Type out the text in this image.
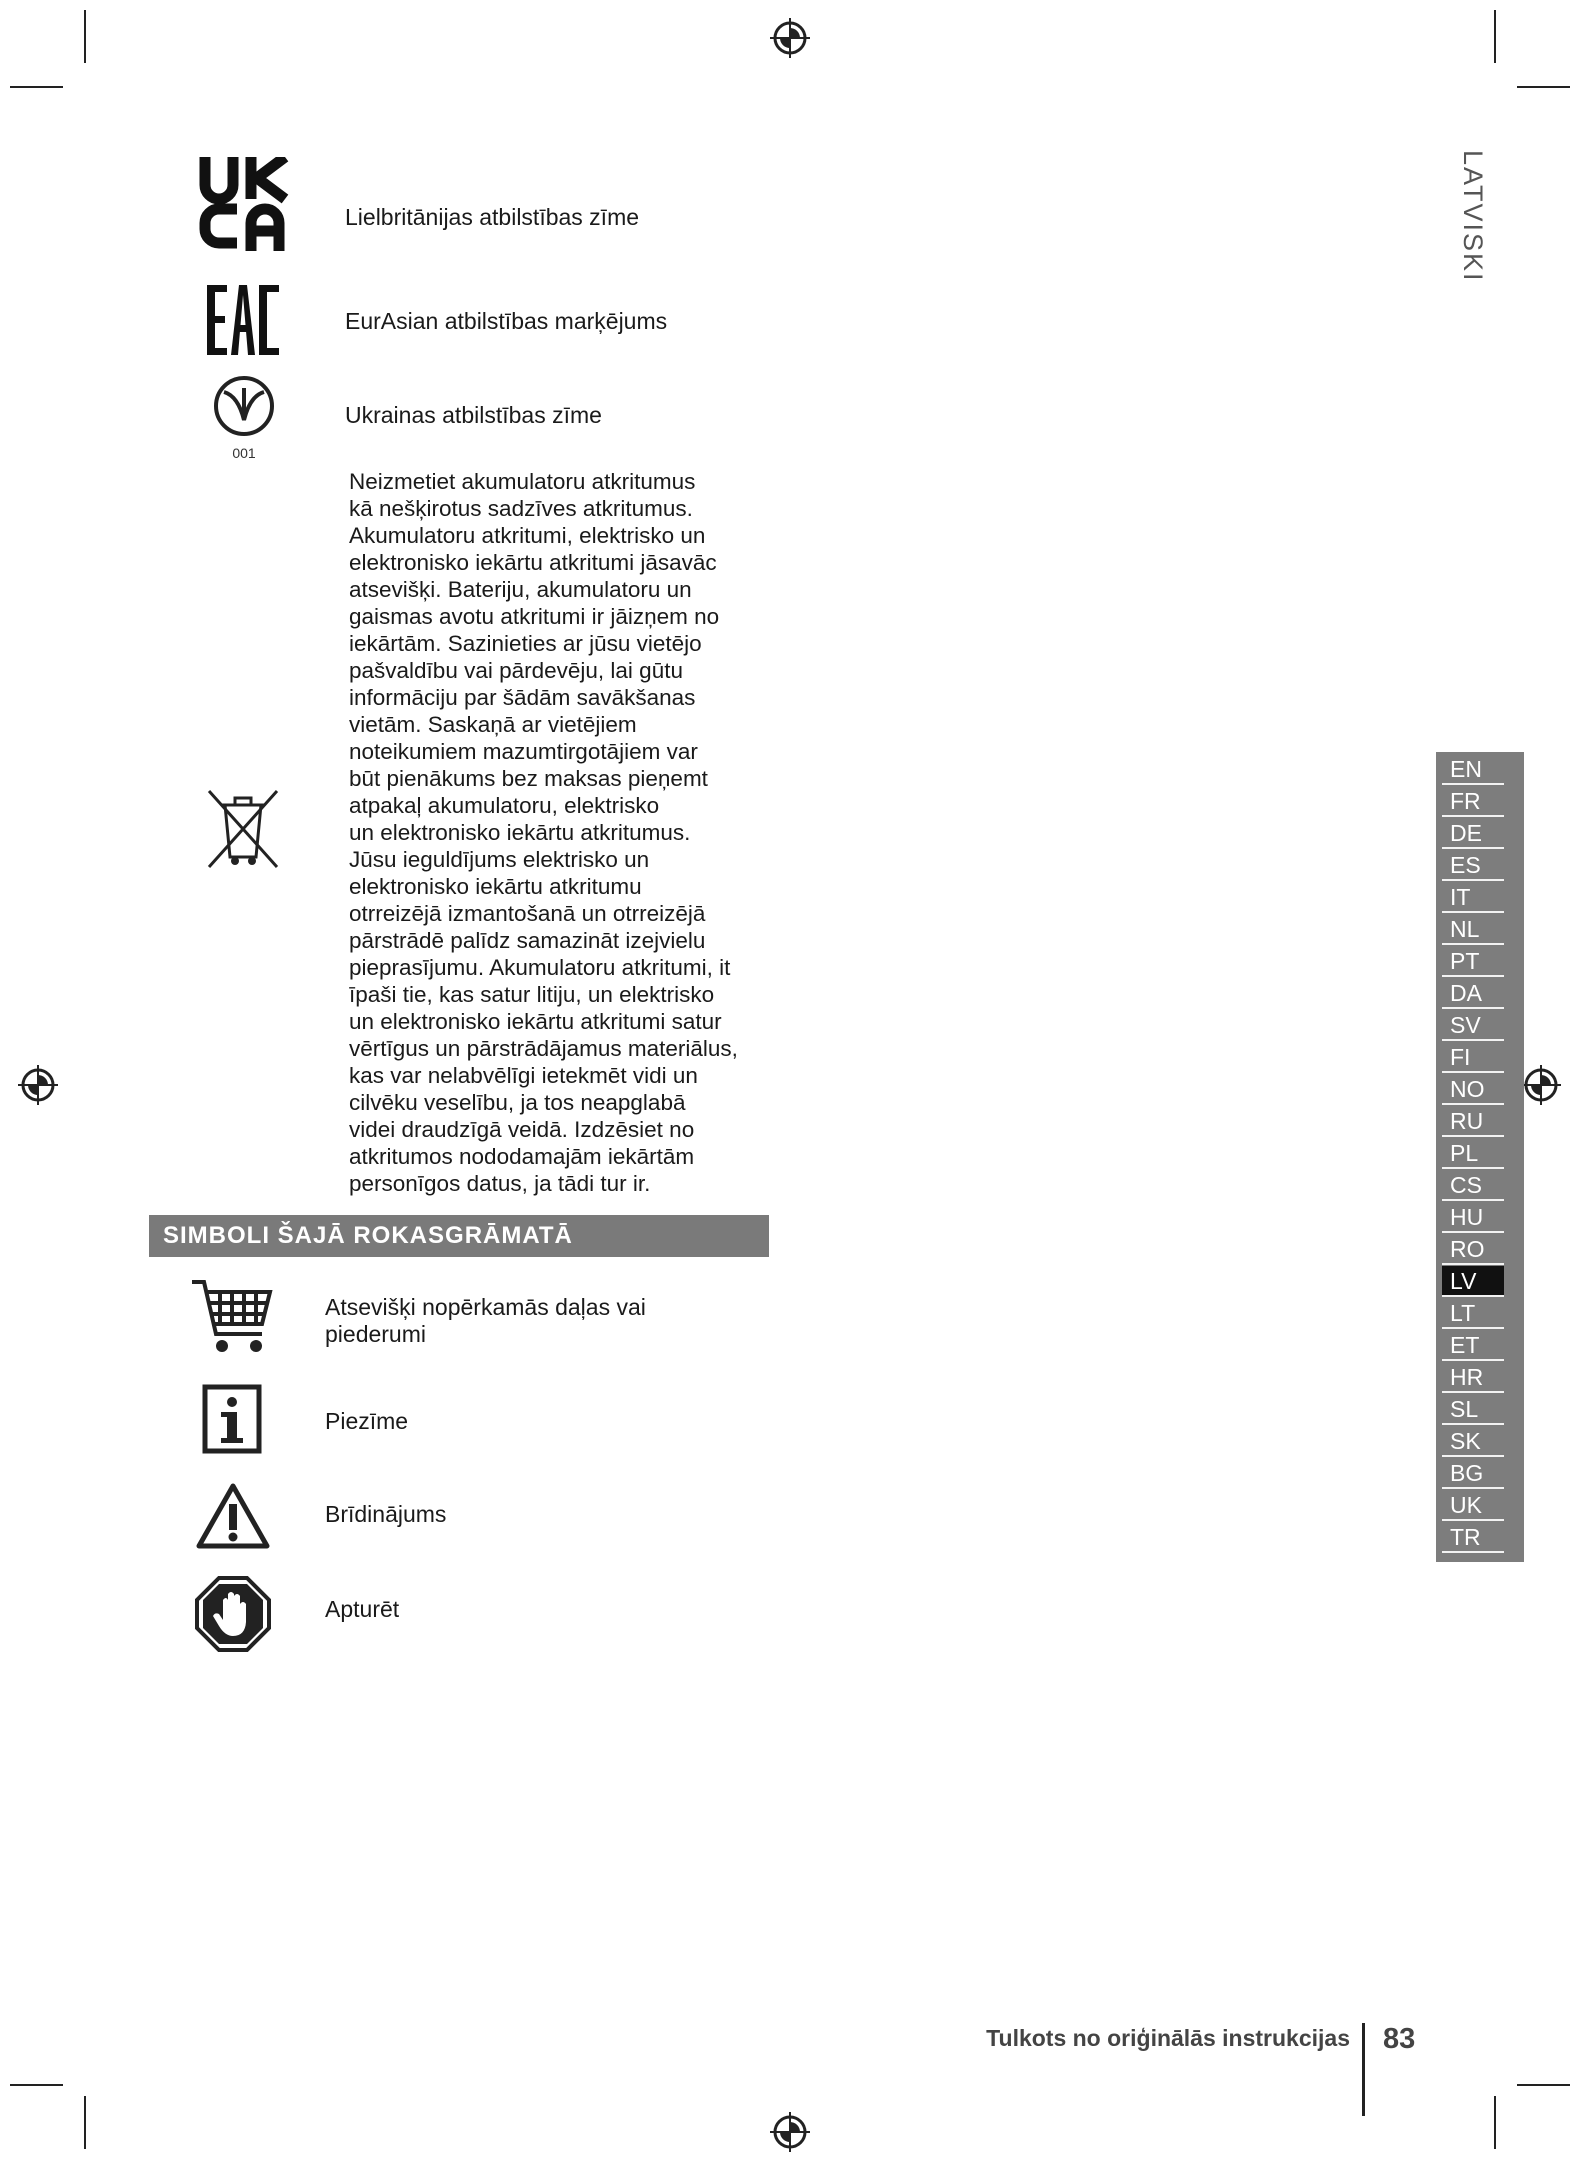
LATVISKI
Lielbritānijas atbilstības zīme
EurAsian atbilstības marķējums
001
Ukrainas atbilstības zīme
Neizmetiet akumulatoru atkritumus
kā nešķirotus sadzīves atkritumus.
Akumulatoru atkritumi, elektrisko un
elektronisko iekārtu atkritumi jāsavāc
atsevišķi. Bateriju, akumulatoru un
gaismas avotu atkritumi ir jāizņem no
iekārtām. Sazinieties ar jūsu vietējo
pašvaldību vai pārdevēju, lai gūtu
informāciju par šādām savākšanas
vietām. Saskaņā ar vietējiem
noteikumiem mazumtirgotājiem var
būt pienākums bez maksas pieņemt
atpakaļ akumulatoru, elektrisko
un elektronisko iekārtu atkritumus.
Jūsu ieguldījums elektrisko un
elektronisko iekārtu atkritumu
otrreizējā izmantošanā un otrreizējā
pārstrādē palīdz samazināt izejvielu
pieprasījumu. Akumulatoru atkritumi, it
īpaši tie, kas satur litiju, un elektrisko
un elektronisko iekārtu atkritumi satur
vērtīgus un pārstrādājamus materiālus,
kas var nelabvēlīgi ietekmēt vidi un
cilvēku veselību, ja tos neapglabā
videi draudzīgā veidā. Izdzēsiet no
atkritumos nododamajām iekārtām
personīgos datus, ja tādi tur ir.
SIMBOLI ŠAJĀ ROKASGRĀMATĀ
Atsevišķi nopērkamās daļas vai
piederumi
Piezīme
Brīdinājums
Apturēt
EN
FR
DE
ES
IT
NL
PT
DA
SV
FI
NO
RU
PL
CS
HU
RO
LV
LT
ET
HR
SL
SK
BG
UK
TR
Tulkots no oriģinālās instrukcijas 83
